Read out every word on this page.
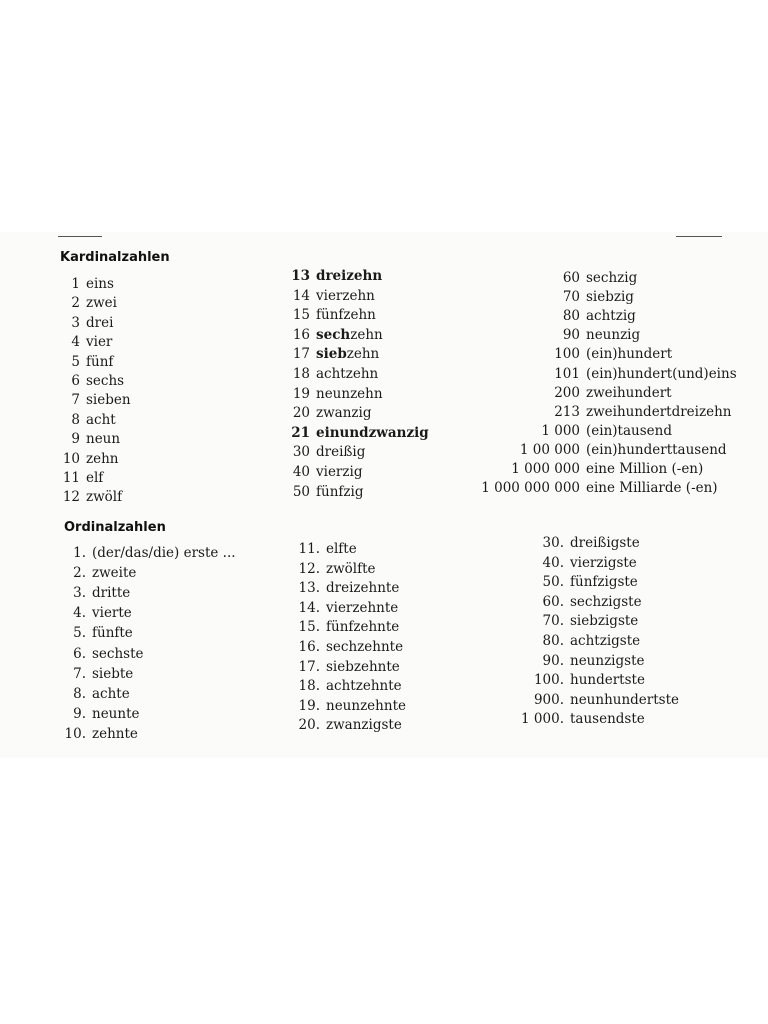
Kardinalzahlen
Ordinalzahlen
1 eins
2 zwei
3 drei
4 vier
5 fünf
6 sechs
7 sieben
8 acht
9 neun
10 zehn
11 elf
12 zwölf
13 dreizehn
14 vierzehn
15 fünfzehn
16 sechzehn
17 siebzehn
18 achtzehn
19 neunzehn
20 zwanzig
21 einundzwanzig
30 dreißig
40 vierzig
50 fünfzig
60 sechzig
70 siebzig
80 achtzig
90 neunzig
100 (ein)hundert
101 (ein)hundert(und)eins
200 zweihundert
213 zweihundertdreizehn
1 000 (ein)tausend
1 00 000 (ein)hunderttausend
1 000 000 eine Million (-en)
1 000 000 000 eine Milliarde (-en)
1. (der/das/die) erste ...
2. zweite
3. dritte
4. vierte
5. fünfte
6. sechste
7. siebte
8. achte
9. neunte
10. zehnte
11. elfte
12. zwölfte
13. dreizehnte
14. vierzehnte
15. fünfzehnte
16. sechzehnte
17. siebzehnte
18. achtzehnte
19. neunzehnte
20. zwanzigste
30. dreißigste
40. vierzigste
50. fünfzigste
60. sechzigste
70. siebzigste
80. achtzigste
90. neunzigste
100. hundertste
900. neunhundertste
1 000. tausendste
